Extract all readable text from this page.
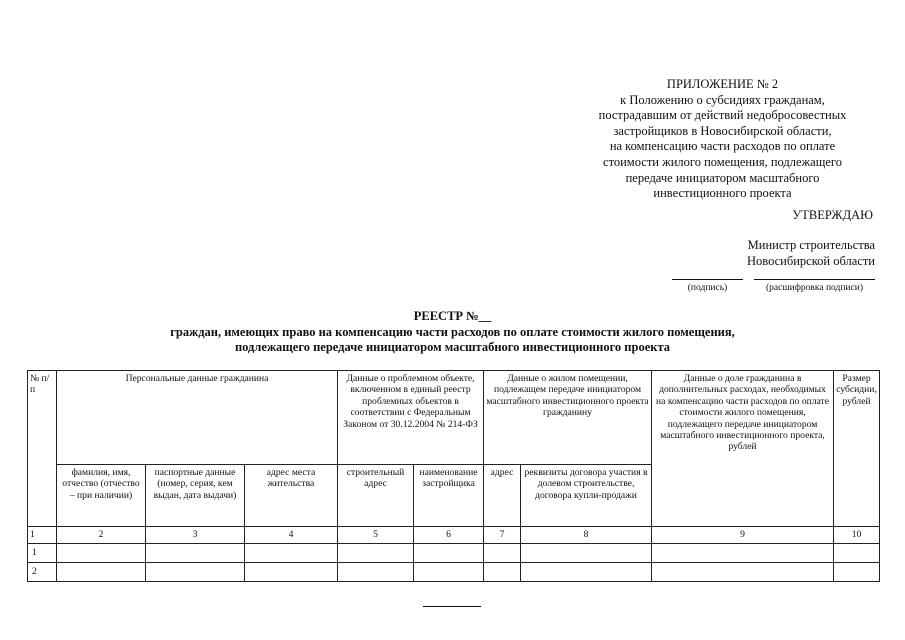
ПРИЛОЖЕНИЕ № 2
к Положению о субсидиях гражданам,
пострадавшим от действий недобросовестных
застройщиков в Новосибирской области,
на компенсацию части расходов по оплате
стоимости жилого помещения, подлежащего
передаче инициатором масштабного
инвестиционного проекта
УТВЕРЖДАЮ
Министр строительства
Новосибирской области
(подпись)	(расшифровка подписи)
РЕЕСТР №__
граждан, имеющих право на компенсацию части расходов по оплате стоимости жилого помещения,
подлежащего передаче инициатором масштабного инвестиционного проекта
№ п/п	Персональные данные гражданина			Данные о проблемном объекте, включенном в единый реестр проблемных объектов в соответствии с Федеральным Законом от 30.12.2004 № 214-ФЗ		Данные о жилом помещении, подлежащем передаче инициатором масштабного инвестиционного проекта гражданину		Данные о доле гражданина в дополнительных расходах, необходимых на компенсацию части расходов по оплате стоимости жилого помещения, подлежащего передаче инициатором масштабного инвестиционного проекта, рублей	Размер субсидии, рублей
	фамилия, имя, отчество (отчество – при наличии)	паспортные данные (номер, серия, кем выдан, дата выдачи)	адрес места жительства	строительный адрес	наименование застройщика	адрес	реквизиты договора участия в долевом строительстве, договора купли-продажи		
1	2	3	4	5	6	7	8	9	10
1									
2									
